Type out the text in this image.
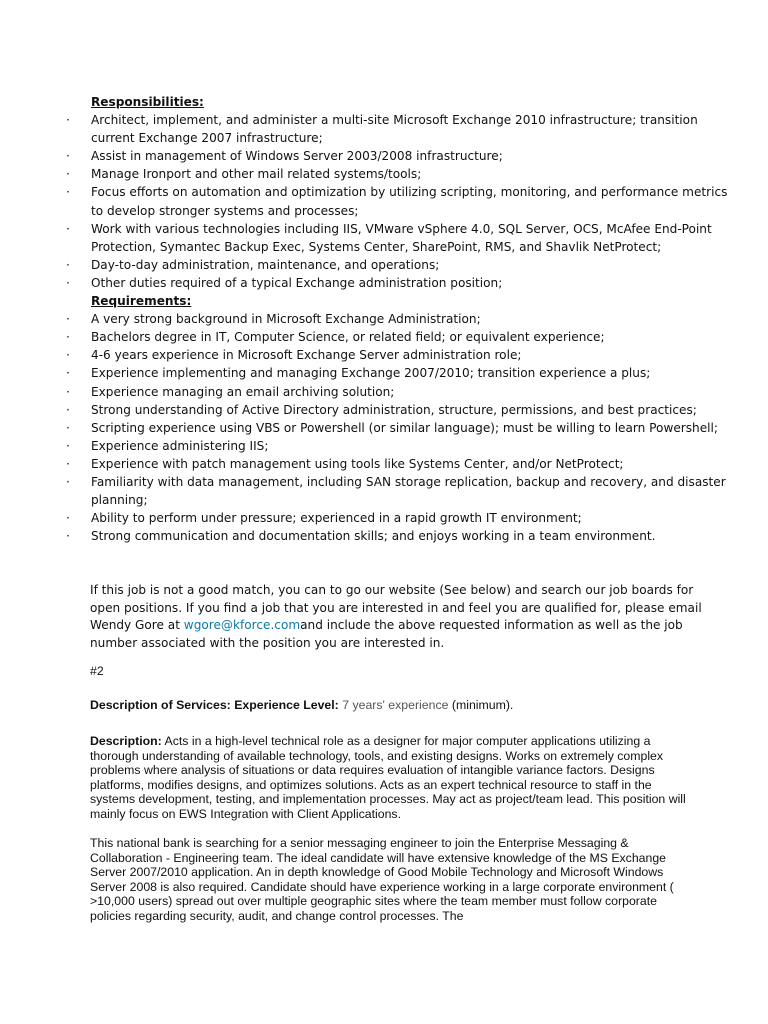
Responsibilities:

· Architect, implement, and administer a multi-site Microsoft Exchange 2010 infrastructure; transition current Exchange 2007 infrastructure;

· Assist in management of Windows Server 2003/2008 infrastructure;

· Manage Ironport and other mail related systems/tools;

· Focus efforts on automation and optimization by utilizing scripting, monitoring, and performance metrics to develop stronger systems and processes;

· Work with various technologies including IIS, VMware vSphere 4.0, SQL Server, OCS, McAfee End-Point Protection, Symantec Backup Exec, Systems Center, SharePoint, RMS, and Shavlik NetProtect;

· Day-to-day administration, maintenance, and operations;

· Other duties required of a typical Exchange administration position;

Requirements:

· A very strong background in Microsoft Exchange Administration;

· Bachelors degree in IT, Computer Science, or related field; or equivalent experience;

· 4-6 years experience in Microsoft Exchange Server administration role;

· Experience implementing and managing Exchange 2007/2010; transition experience a plus;

· Experience managing an email archiving solution;

· Strong understanding of Active Directory administration, structure, permissions, and best practices;

· Scripting experience using VBS or Powershell (or similar language); must be willing to learn Powershell;

· Experience administering IIS;

· Experience with patch management using tools like Systems Center, and/or NetProtect;

· Familiarity with data management, including SAN storage replication, backup and recovery, and disaster planning;

· Ability to perform under pressure; experienced in a rapid growth IT environment;

· Strong communication and documentation skills; and enjoys working in a team environment.

If this job is not a good match, you can to go our website (See below) and search our job boards for open positions. If you find a job that you are interested in and feel you are qualified for, please email Wendy Gore at wgore@kforce.comand include the above requested information as well as the job number associated with the position you are interested in.

#2

Description of Services: Experience Level: 7 years' experience (minimum).

Description: Acts in a high-level technical role as a designer for major computer applications utilizing a thorough understanding of available technology, tools, and existing designs. Works on extremely complex problems where analysis of situations or data requires evaluation of intangible variance factors. Designs platforms, modifies designs, and optimizes solutions. Acts as an expert technical resource to staff in the systems development, testing, and implementation processes. May act as project/team lead. This position will mainly focus on EWS Integration with Client Applications.

This national bank is searching for a senior messaging engineer to join the Enterprise Messaging & Collaboration - Engineering team. The ideal candidate will have extensive knowledge of the MS Exchange Server 2007/2010 application. An in depth knowledge of Good Mobile Technology and Microsoft Windows Server 2008 is also required. Candidate should have experience working in a large corporate environment ( >10,000 users) spread out over multiple geographic sites where the team member must follow corporate policies regarding security, audit, and change control processes. The
